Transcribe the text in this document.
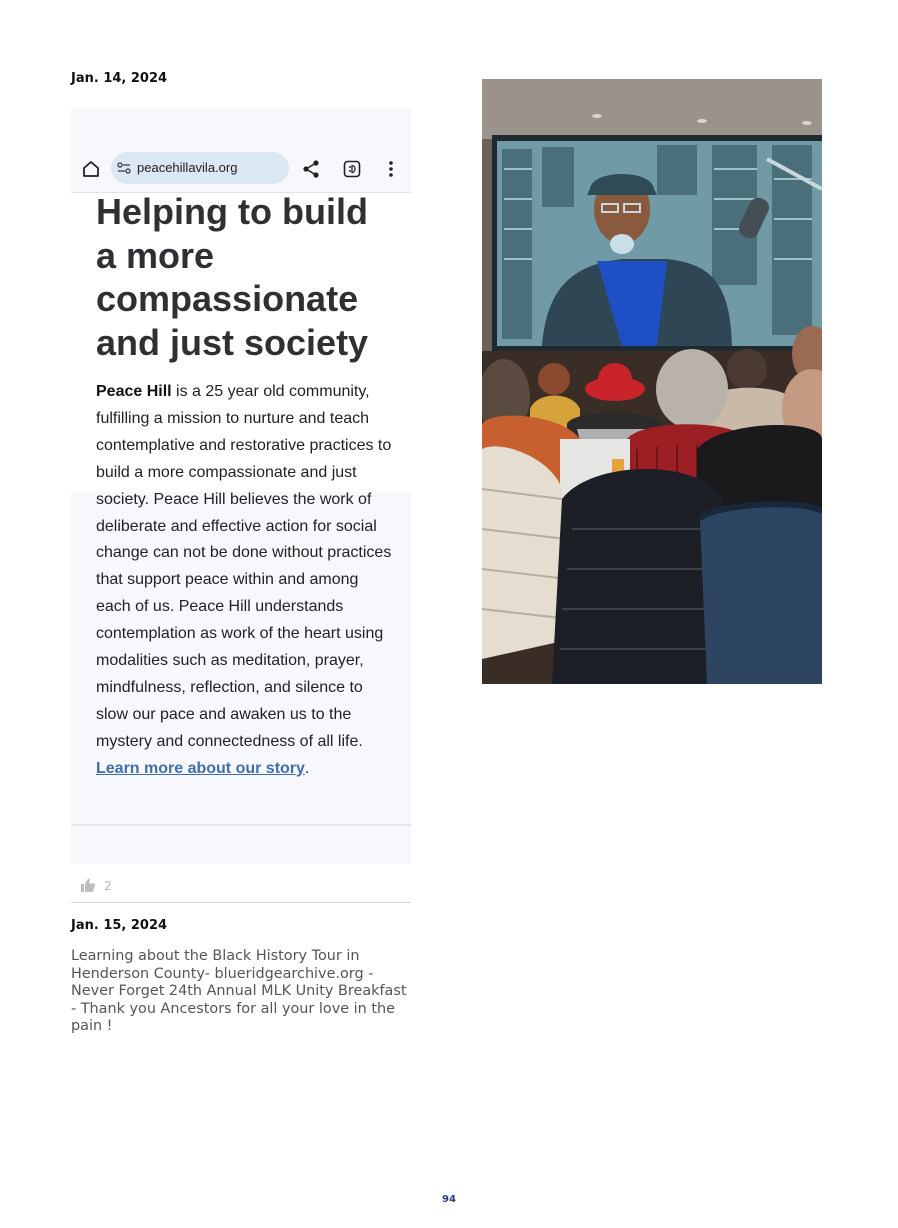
Jan. 14, 2024
peacehillavila.org
Helping to build a more compassionate and just society
Peace Hill is a 25 year old community, fulfilling a mission to nurture and teach contemplative and restorative practices to build a more compassionate and just society. Peace Hill believes the work of deliberate and effective action for social change can not be done without practices that support peace within and among each of us. Peace Hill understands contemplation as work of the heart using modalities such as meditation, prayer, mindfulness, reflection, and silence to slow our pace and awaken us to the mystery and connectedness of all life. Learn more about our story.
2
Jan. 15, 2024
Learning about the Black History Tour in Henderson County- blueridgearchive.org - Never Forget 24th Annual MLK Unity Breakfast - Thank you Ancestors for all your love in the pain !
94
